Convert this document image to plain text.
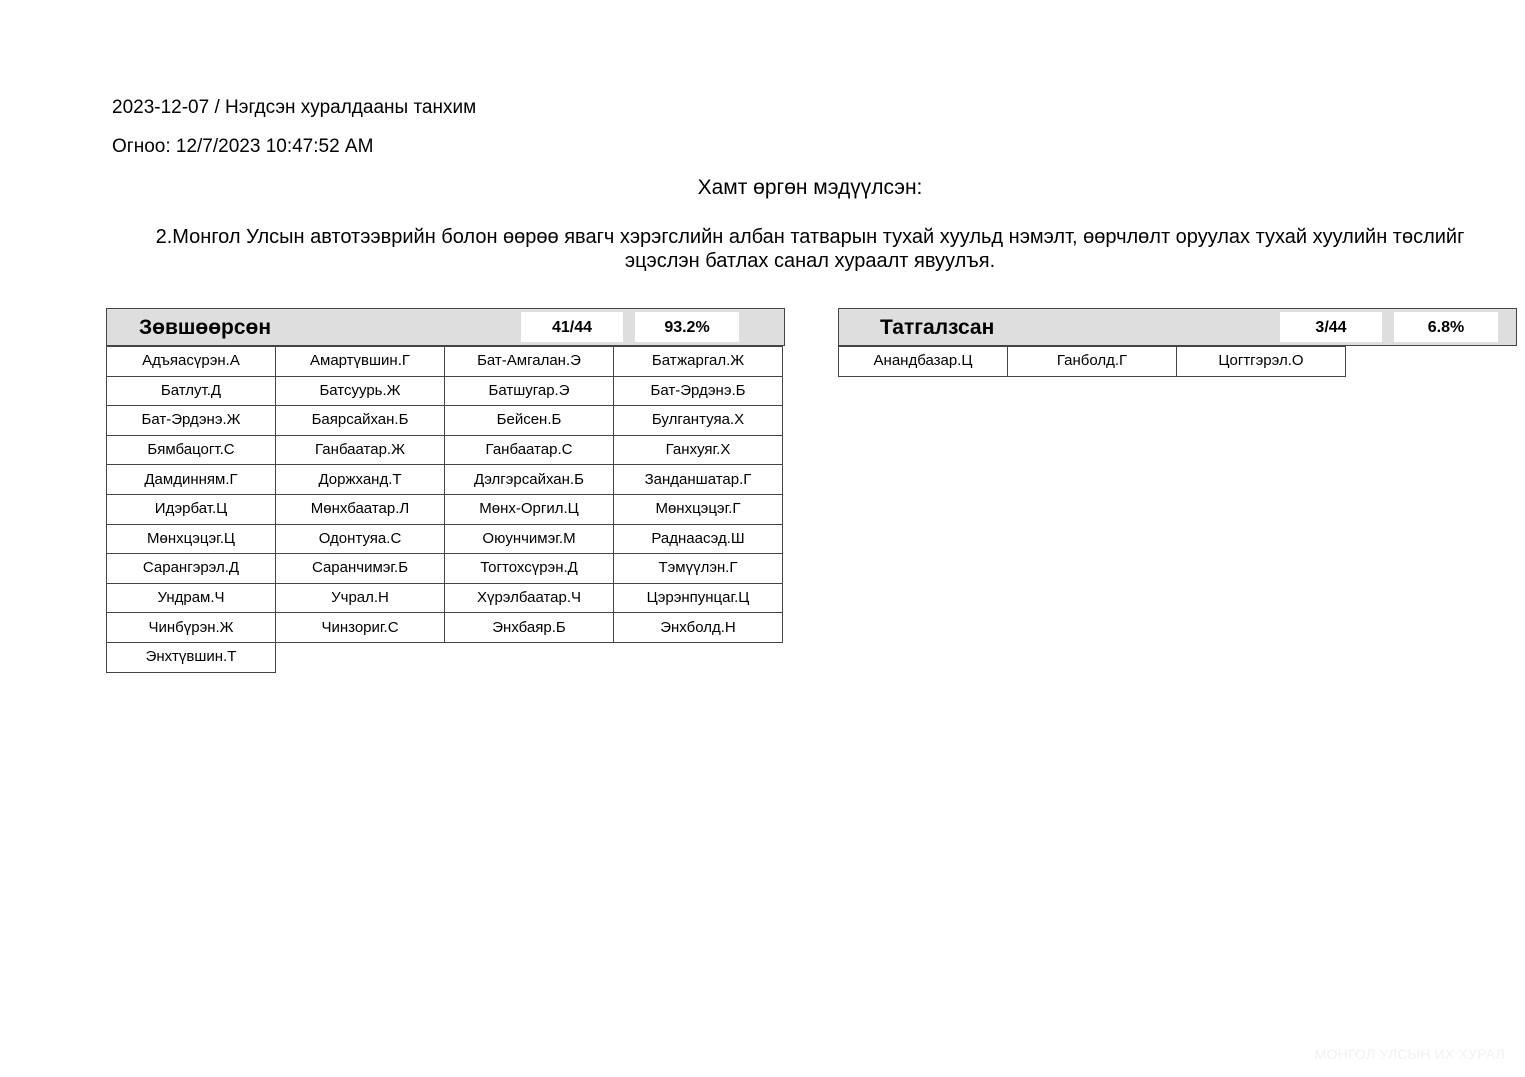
2023-12-07 / Нэгдсэн хуралдааны танхим
Огноо: 12/7/2023 10:47:52 AM
Хамт өргөн мэдүүлсэн:
2.Монгол Улсын автотээврийн болон өөрөө явагч хэрэгслийн албан татварын тухай хуульд нэмэлт, өөрчлөлт оруулах тухай хуулийн төслийг эцэслэн батлах санал хураалт явуулъя.
Зөвшөөрсөн	41/44	93.2%
Адъяасүрэн.А	Амартүвшин.Г	Бат-Амгалан.Э	Батжаргал.Ж
Батлут.Д	Батсуурь.Ж	Батшугар.Э	Бат-Эрдэнэ.Б
Бат-Эрдэнэ.Ж	Баярсайхан.Б	Бейсен.Б	Булгантуяа.Х
Бямбацогт.С	Ганбаатар.Ж	Ганбаатар.С	Ганхуяг.Х
Дамдинням.Г	Доржханд.Т	Дэлгэрсайхан.Б	Занданшатар.Г
Идэрбат.Ц	Мөнхбаатар.Л	Мөнх-Оргил.Ц	Мөнхцэцэг.Г
Мөнхцэцэг.Ц	Одонтуяа.С	Оюунчимэг.М	Раднаасэд.Ш
Сарангэрэл.Д	Саранчимэг.Б	Тогтохсүрэн.Д	Тэмүүлэн.Г
Ундрам.Ч	Учрал.Н	Хүрэлбаатар.Ч	Цэрэнпунцаг.Ц
Чинбүрэн.Ж	Чинзориг.С	Энхбаяр.Б	Энхболд.Н
Энхтүвшин.Т			
Татгалзсан	3/44	6.8%
Анандбазар.Ц	Ганболд.Г	Цогтгэрэл.О	
МОНГОЛ УЛСЫН ИХ ХУРАЛ
